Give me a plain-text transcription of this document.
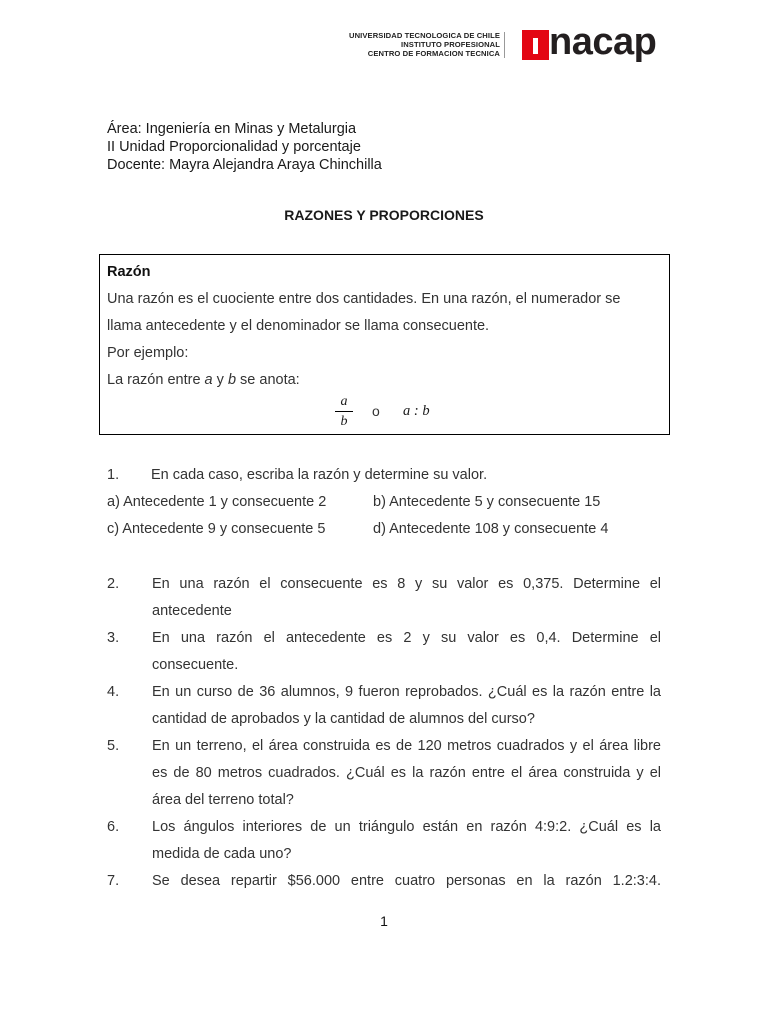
UNIVERSIDAD TECNOLOGICA DE CHILE
INSTITUTO PROFESIONAL
CENTRO DE FORMACION TECNICA nacap
Área: Ingeniería en Minas y Metalurgia
II Unidad Proporcionalidad y porcentaje
Docente: Mayra Alejandra Araya Chinchilla
RAZONES Y PROPORCIONES
Razón
Una razón es el cuociente entre dos cantidades. En una razón, el numerador se
llama antecedente y el denominador se llama consecuente.
Por ejemplo:
La razón entre a y b se anota:
a
b
o a : b
1. En cada caso, escriba la razón y determine su valor.
a) Antecedente 1 y consecuente 2	b) Antecedente 5 y consecuente 15
c) Antecedente 9 y consecuente 5	d) Antecedente 108 y consecuente 4
2. En una razón el consecuente es 8 y su valor es 0,375. Determine el
antecedente
3. En una razón el antecedente es 2 y su valor es 0,4. Determine el
consecuente.
4. En un curso de 36 alumnos, 9 fueron reprobados. ¿Cuál es la razón entre la
cantidad de aprobados y la cantidad de alumnos del curso?
5. En un terreno, el área construida es de 120 metros cuadrados y el área libre
es de 80 metros cuadrados. ¿Cuál es la razón entre el área construida y el
área del terreno total?
6. Los ángulos interiores de un triángulo están en razón 4:9:2. ¿Cuál es la
medida de cada uno?
7. Se desea repartir $56.000 entre cuatro personas en la razón 1.2:3:4.
1
